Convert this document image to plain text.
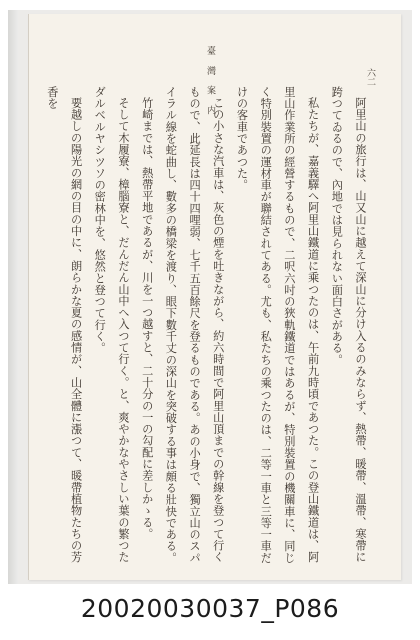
臺 灣 案 内	六二

阿里山の旅行は、山又山に越えて深山に分け入るのみならず、熱帶、暖帶、溫帶、寒帶に跨つてゐるので、內地では見られない面白さがある。

私たちが、嘉義驛へ阿里山鐵道に乘つたのは、午前九時頃であつた。この登山鐵道は、阿里山作業所の經營するもので、二呎六吋の狹軌鐵道ではあるが、特別裝置の機關車に、同じく特別裝置の運材車が聯結されてある。尤も、私たちの乘つたのは、二等一車と三等一車だけの客車であつた。

この小さな汽車は、灰色の煙を吐きながら、約六時間で阿里山頂までの幹線を登つて行くもので、此延長は四十四哩弱、七千五百餘尺を登るものである。あの小身で、獨立山のスパイラル線を蛇曲し、數多の橋梁を渡り、眼下數千丈の深山を突破する事は頗る壯快である。

竹崎までは、熱帶平地であるが、川を一つ越すと、二十分の一の勾配に差しかゝる。

そして木履寮、樟腦寮と、だんだん山中へ入つて行く。と、爽やかなやさしい葉の繁つたダルベルヤシツソの密林中を、悠然と登つて行く。

要越しの陽光の網の目の中に、朗らかな夏の感情が、山全體に漲つて、暖帶植物たちの芳香を

20020030037_P086
